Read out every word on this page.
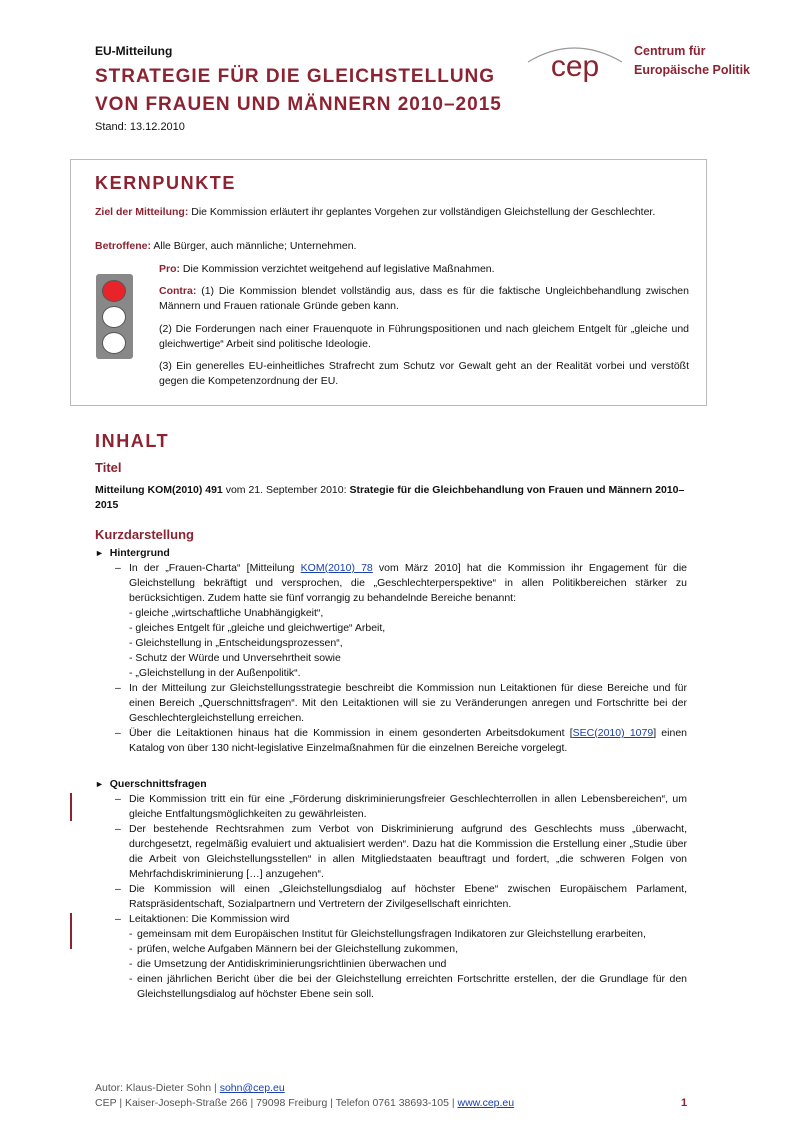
EU-Mitteilung
STRATEGIE FÜR DIE GLEICHSTELLUNG
VON FRAUEN UND MÄNNERN 2010–2015
Stand: 13.12.2010
cep	Centrum für
Europäische Politik
KERNPUNKTE
Ziel der Mitteilung: Die Kommission erläutert ihr geplantes Vorgehen zur vollständigen Gleichstellung der Geschlechter.
Betroffene: Alle Bürger, auch männliche; Unternehmen.
Pro: Die Kommission verzichtet weitgehend auf legislative Maßnahmen.
Contra: (1) Die Kommission blendet vollständig aus, dass es für die faktische Ungleichbehandlung zwischen Männern und Frauen rationale Gründe geben kann.
(2) Die Forderungen nach einer Frauenquote in Führungspositionen und nach gleichem Entgelt für „gleiche und gleichwertige“ Arbeit sind politische Ideologie.
(3) Ein generelles EU-einheitliches Strafrecht zum Schutz vor Gewalt geht an der Realität vorbei und verstößt gegen die Kompetenzordnung der EU.
INHALT
Titel
Mitteilung KOM(2010) 491 vom 21. September 2010: Strategie für die Gleichbehandlung von Frauen und Männern 2010–2015
Kurzdarstellung
► Hintergrund
– In der „Frauen-Charta“ [Mitteilung KOM(2010) 78 vom März 2010] hat die Kommission ihr Engagement für die Gleichstellung bekräftigt und versprochen, die „Geschlechterperspektive“ in allen Politikbereichen stärker zu berücksichtigen. Zudem hatte sie fünf vorrangig zu behandelnde Bereiche benannt:
- gleiche „wirtschaftliche Unabhängigkeit“,
- gleiches Entgelt für „gleiche und gleichwertige“ Arbeit,
- Gleichstellung in „Entscheidungsprozessen“,
- Schutz der Würde und Unversehrtheit sowie
- „Gleichstellung in der Außenpolitik“.
– In der Mitteilung zur Gleichstellungsstrategie beschreibt die Kommission nun Leitaktionen für diese Bereiche und für einen Bereich „Querschnittsfragen“. Mit den Leitaktionen will sie zu Veränderungen anregen und Fortschritte bei der Geschlechtergleichstellung erreichen.
– Über die Leitaktionen hinaus hat die Kommission in einem gesonderten Arbeitsdokument [SEC(2010) 1079] einen Katalog von über 130 nicht-legislative Einzelmaßnahmen für die einzelnen Bereiche vorgelegt.
► Querschnittsfragen
– Die Kommission tritt ein für eine „Förderung diskriminierungsfreier Geschlechterrollen in allen Lebensbereichen“, um gleiche Entfaltungsmöglichkeiten zu gewährleisten.
– Der bestehende Rechtsrahmen zum Verbot von Diskriminierung aufgrund des Geschlechts muss „überwacht, durchgesetzt, regelmäßig evaluiert und aktualisiert werden“. Dazu hat die Kommission die Erstellung einer „Studie über die Arbeit von Gleichstellungsstellen“ in allen Mitgliedstaaten beauftragt und fordert, „die schweren Folgen von Mehrfachdiskriminierung […] anzugehen“.
– Die Kommission will einen „Gleichstellungsdialog auf höchster Ebene“ zwischen Europäischem Parlament, Ratspräsidentschaft, Sozialpartnern und Vertretern der Zivilgesellschaft einrichten.
– Leitaktionen: Die Kommission wird
- gemeinsam mit dem Europäischen Institut für Gleichstellungsfragen Indikatoren zur Gleichstellung erarbeiten,
- prüfen, welche Aufgaben Männern bei der Gleichstellung zukommen,
- die Umsetzung der Antidiskriminierungsrichtlinien überwachen und
- einen jährlichen Bericht über die bei der Gleichstellung erreichten Fortschritte erstellen, der die Grundlage für den Gleichstellungsdialog auf höchster Ebene sein soll.
Autor: Klaus-Dieter Sohn | sohn@cep.eu
CEP | Kaiser-Joseph-Straße 266 | 79098 Freiburg | Telefon 0761 38693-105 | www.cep.eu	1
